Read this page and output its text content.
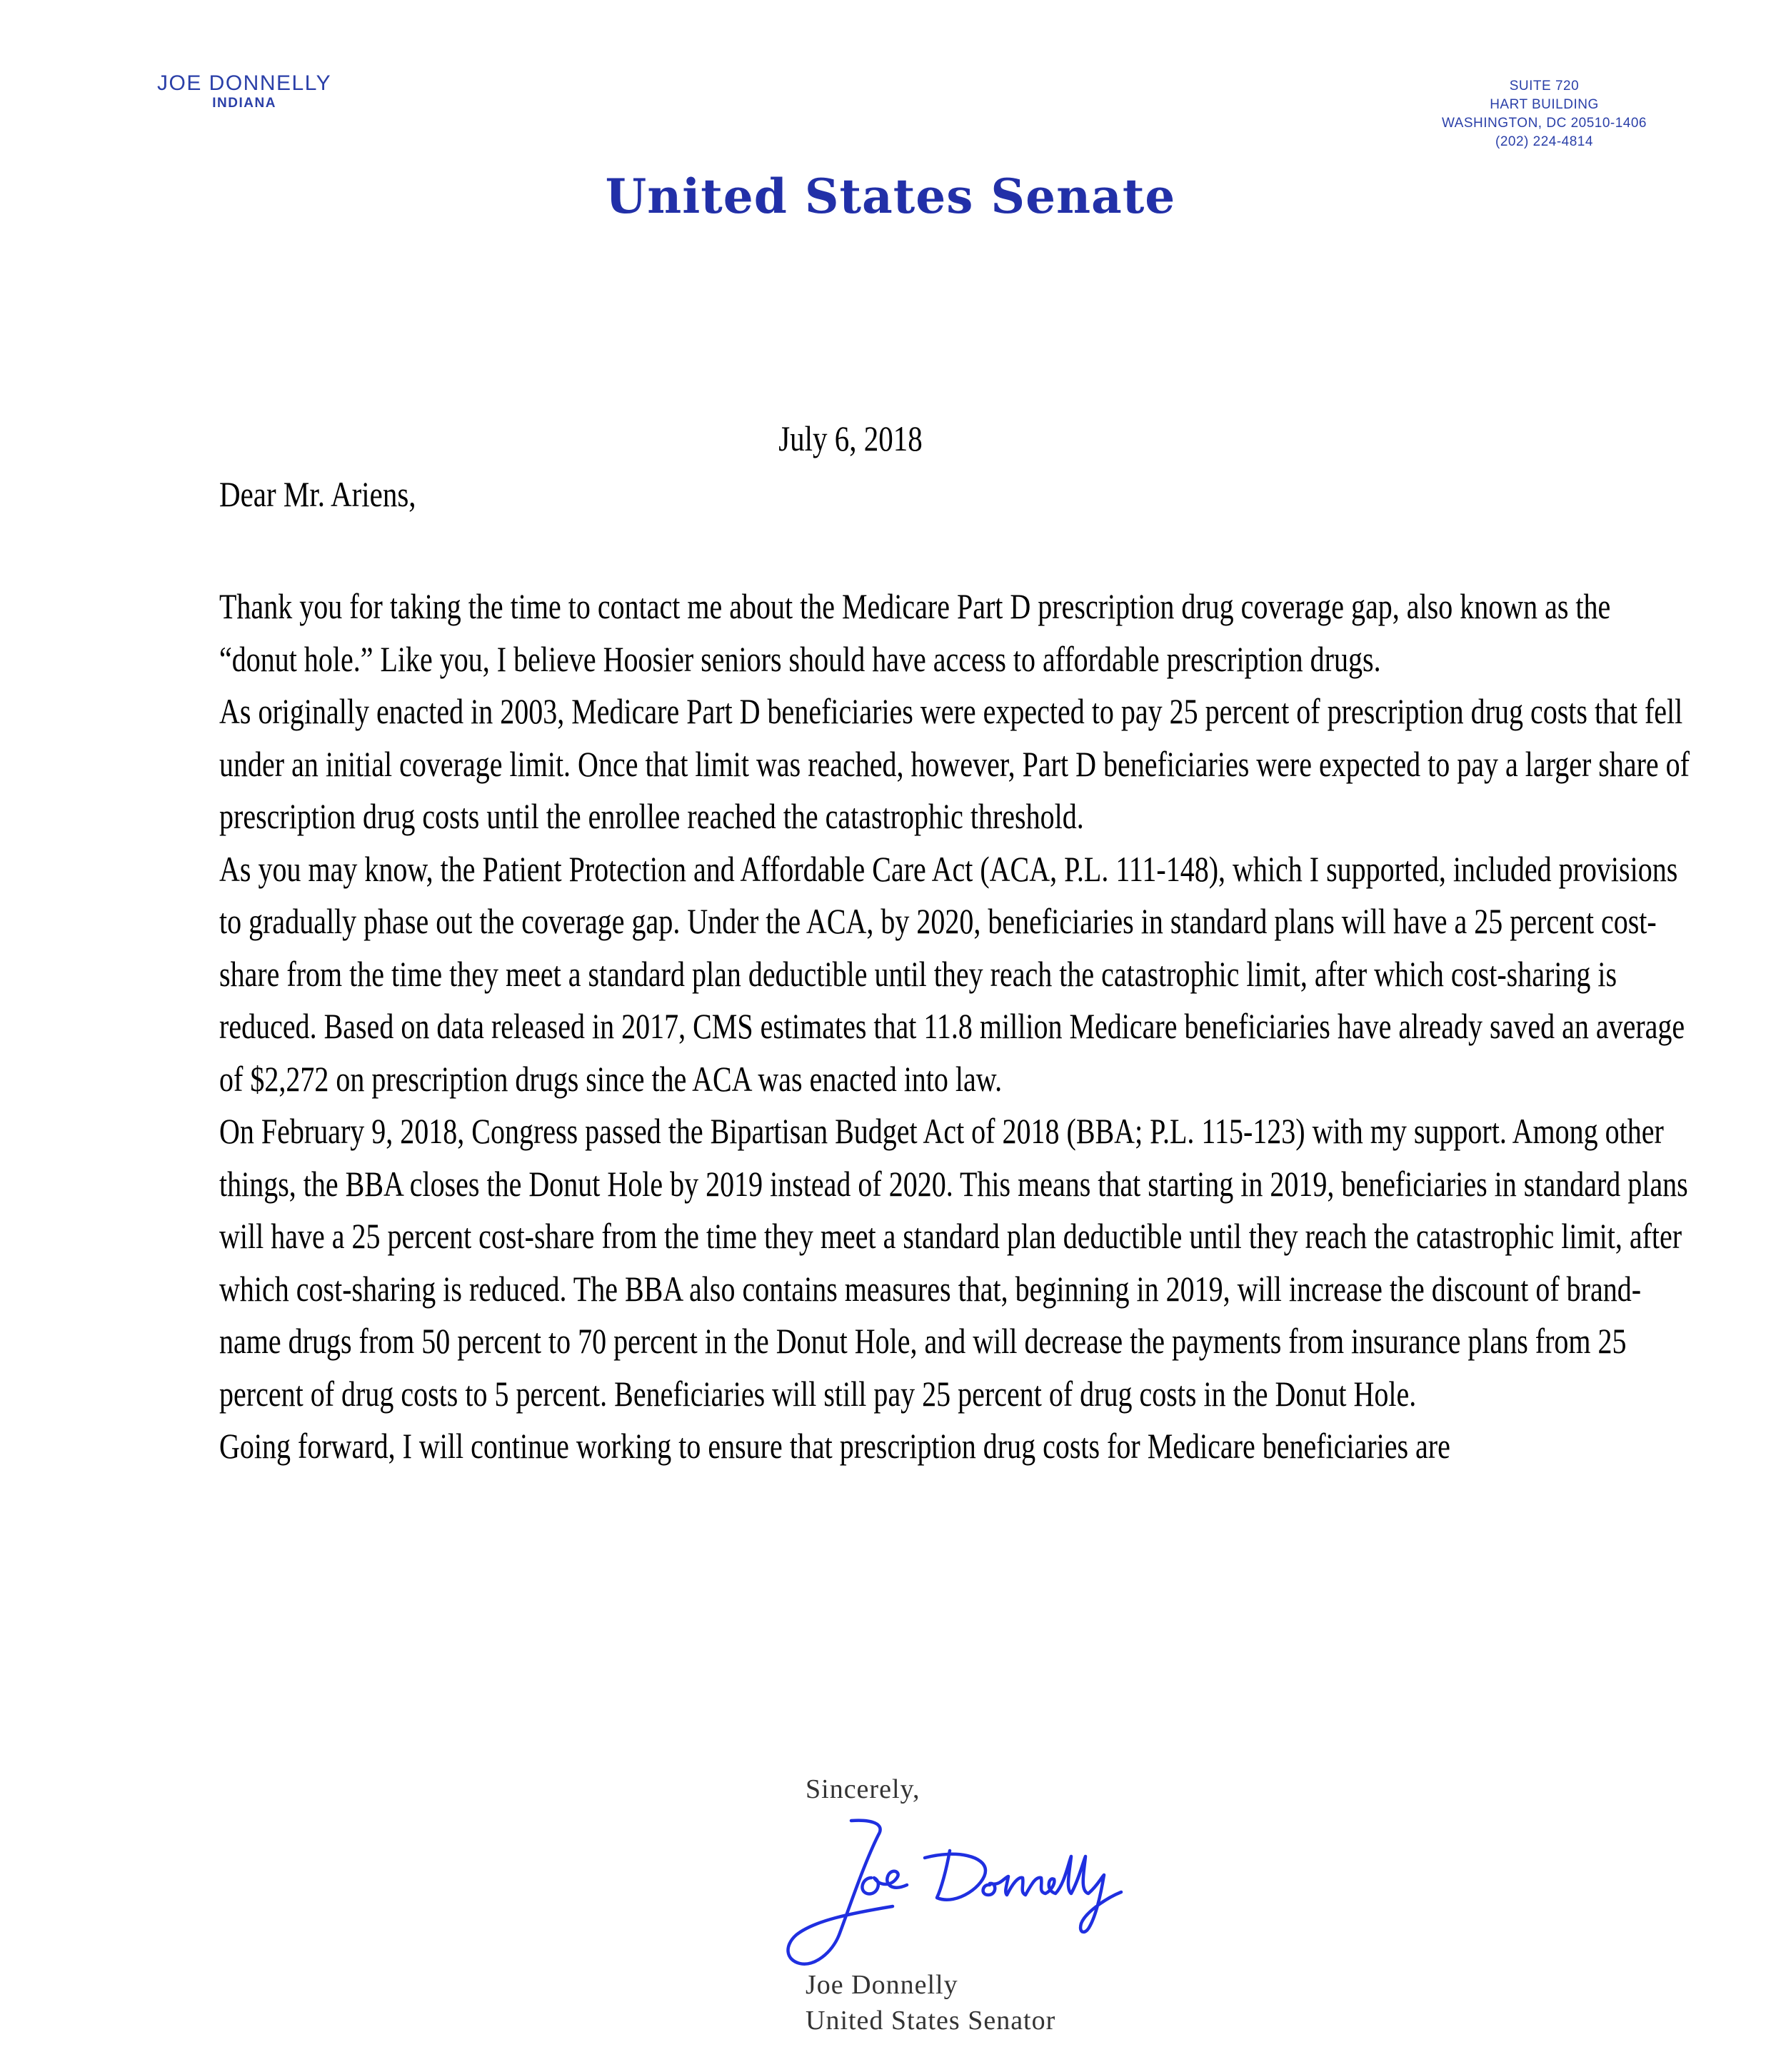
JOE DONNELLY
INDIANA
SUITE 720
HART BUILDING
WASHINGTON, DC 20510-1406
(202) 224-4814
United States Senate
July 6, 2018
Dear Mr. Ariens,

Thank you for taking the time to contact me about the Medicare Part D prescription drug coverage gap, also known as the “donut hole.” Like you, I believe Hoosier seniors should have access to affordable prescription drugs.

As originally enacted in 2003, Medicare Part D beneficiaries were expected to pay 25 percent of prescription drug costs that fell under an initial coverage limit. Once that limit was reached, however, Part D beneficiaries were expected to pay a larger share of prescription drug costs until the enrollee reached the catastrophic threshold.

As you may know, the Patient Protection and Affordable Care Act (ACA, P.L. 111-148), which I supported, included provisions to gradually phase out the coverage gap. Under the ACA, by 2020, beneficiaries in standard plans will have a 25 percent cost-share from the time they meet a standard plan deductible until they reach the catastrophic limit, after which cost-sharing is reduced. Based on data released in 2017, CMS estimates that 11.8 million Medicare beneficiaries have already saved an average of $2,272 on prescription drugs since the ACA was enacted into law.

On February 9, 2018, Congress passed the Bipartisan Budget Act of 2018 (BBA; P.L. 115-123) with my support. Among other things, the BBA closes the Donut Hole by 2019 instead of 2020. This means that starting in 2019, beneficiaries in standard plans will have a 25 percent cost-share from the time they meet a standard plan deductible until they reach the catastrophic limit, after which cost-sharing is reduced. The BBA also contains measures that, beginning in 2019, will increase the discount of brand-name drugs from 50 percent to 70 percent in the Donut Hole, and will decrease the payments from insurance plans from 25 percent of drug costs to 5 percent. Beneficiaries will still pay 25 percent of drug costs in the Donut Hole.

Going forward, I will continue working to ensure that prescription drug costs for Medicare beneficiaries are

Sincerely,
Joe Donnelly
United States Senator
